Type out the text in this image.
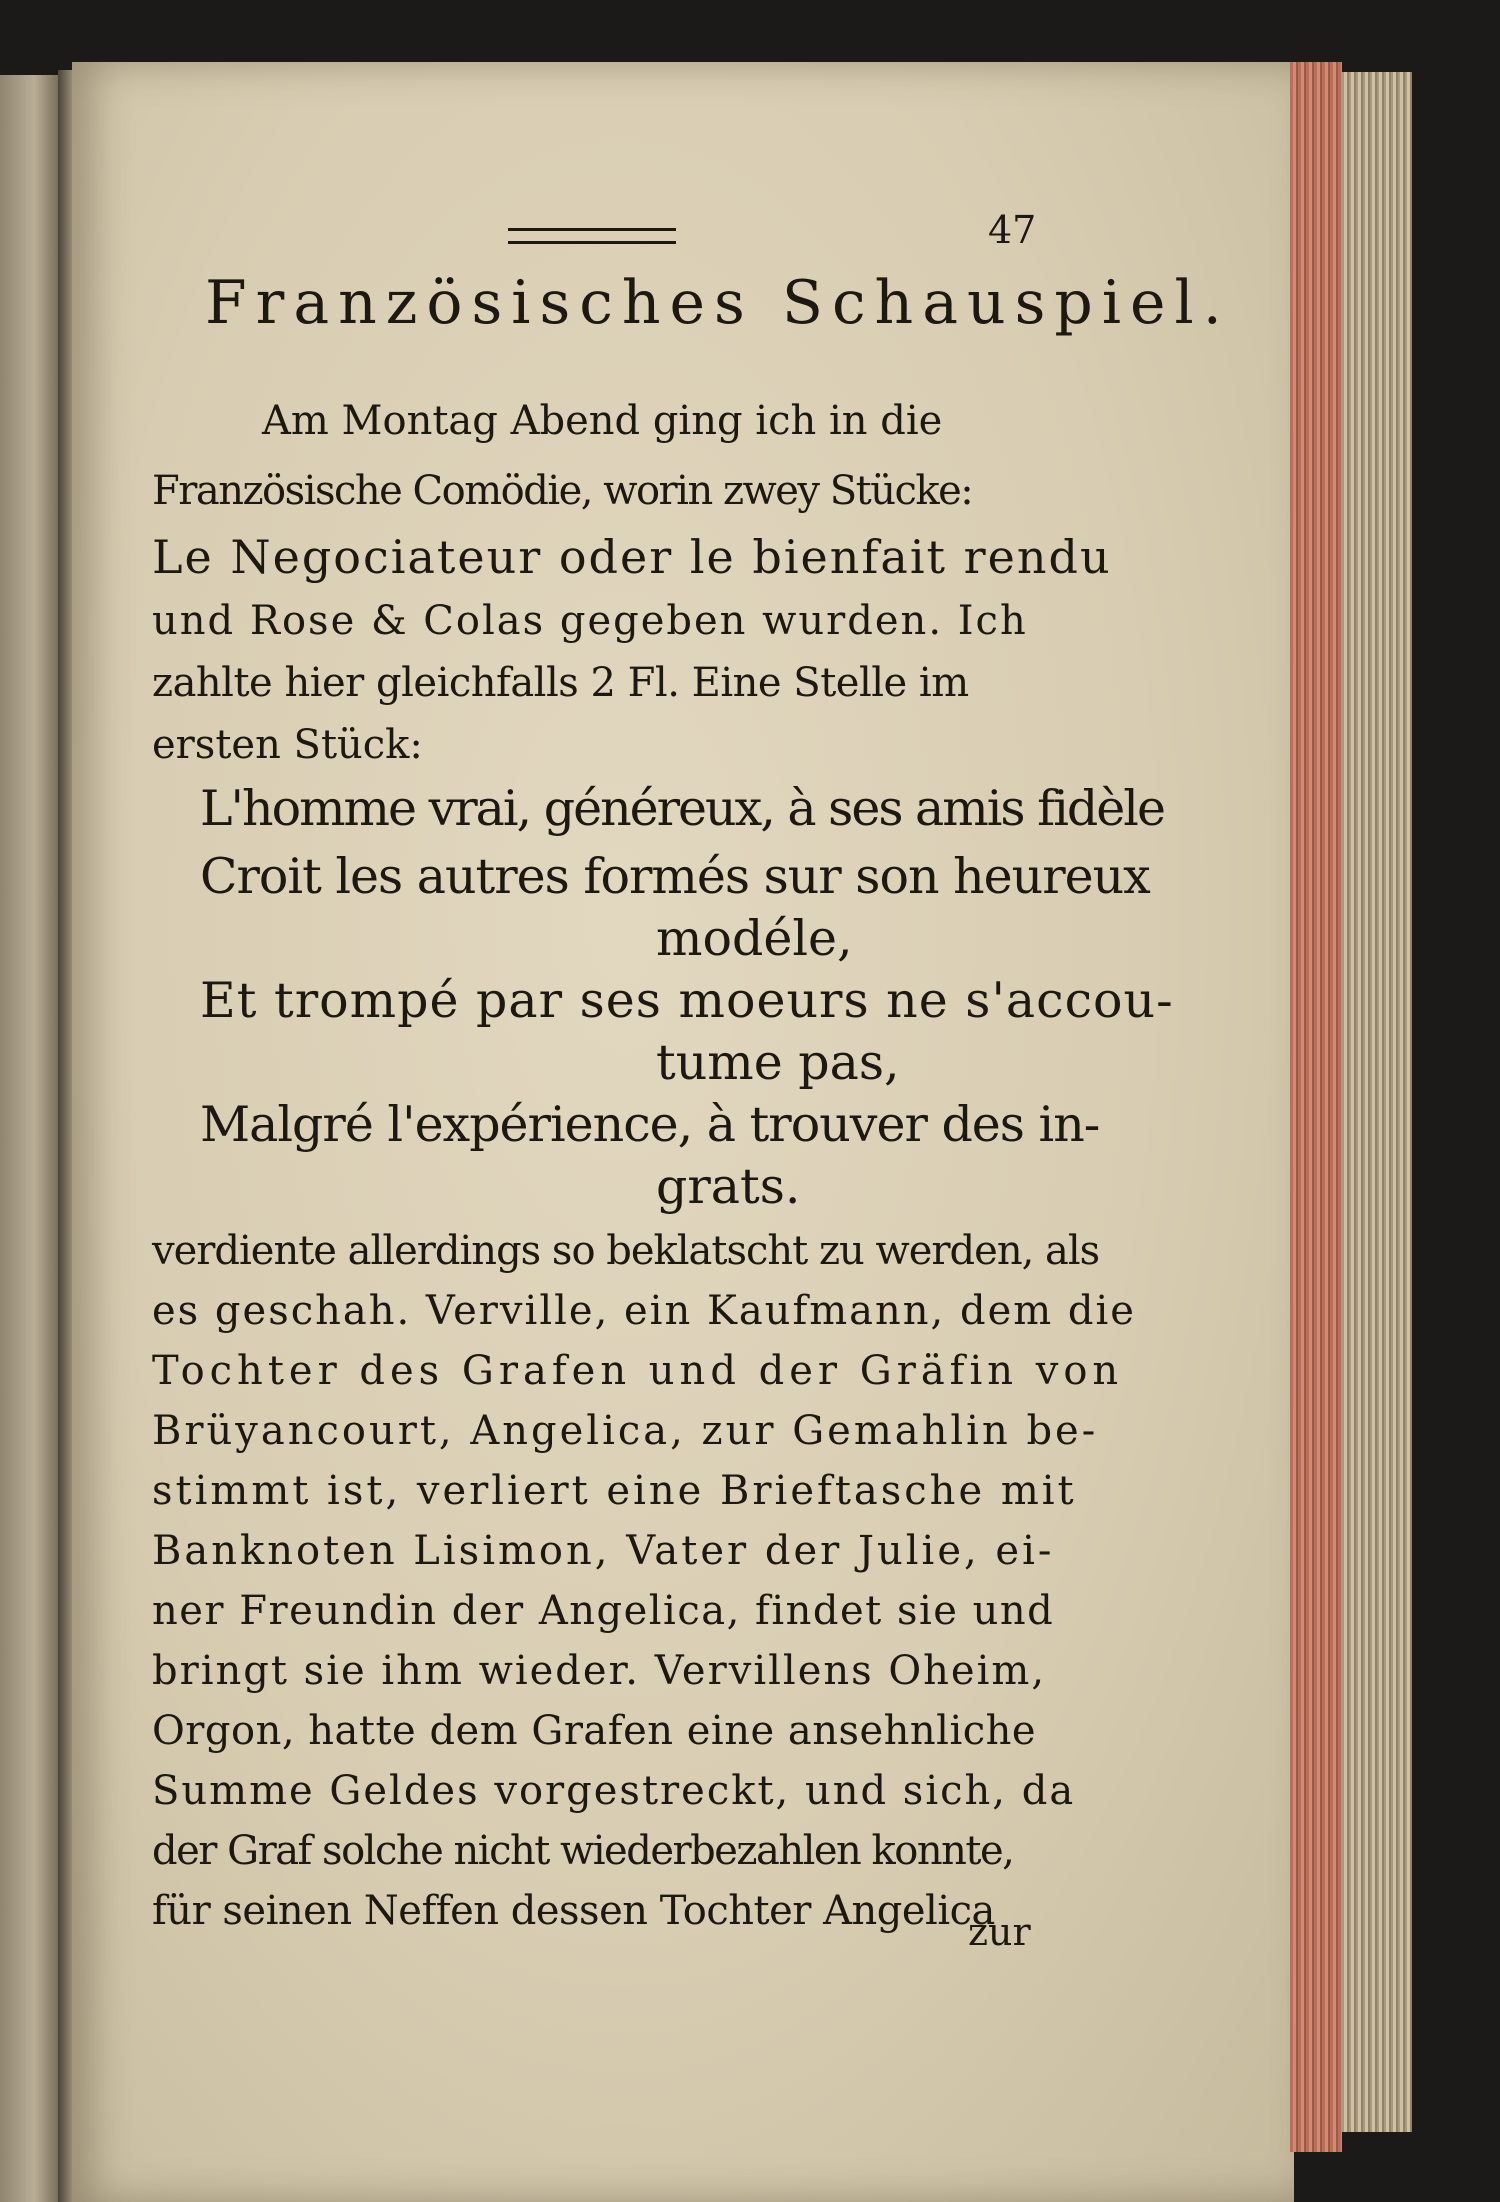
47
Französisches Schauspiel.
Am Montag Abend ging ich in die
Französische Comödie, worin zwey Stücke:
Le Negociateur oder le bienfait rendu
und Rose & Colas gegeben wurden. Ich
zahlte hier gleichfalls 2 Fl. Eine Stelle im
ersten Stück:
L'homme vrai, généreux, à ses amis fidèle
Croit les autres formés sur son heureux
modéle,
Et trompé par ses moeurs ne s'accou-
tume pas,
Malgré l'expérience, à trouver des in-
grats.
verdiente allerdings so beklatscht zu werden, als
es geschah. Verville, ein Kaufmann, dem die
Tochter des Grafen und der Gräfin von
Brüyancourt, Angelica, zur Gemahlin be-
stimmt ist, verliert eine Brieftasche mit
Banknoten Lisimon, Vater der Julie, ei-
ner Freundin der Angelica, findet sie und
bringt sie ihm wieder. Vervillens Oheim,
Orgon, hatte dem Grafen eine ansehnliche
Summe Geldes vorgestreckt, und sich, da
der Graf solche nicht wiederbezahlen konnte,
für seinen Neffen dessen Tochter Angelica
zur
